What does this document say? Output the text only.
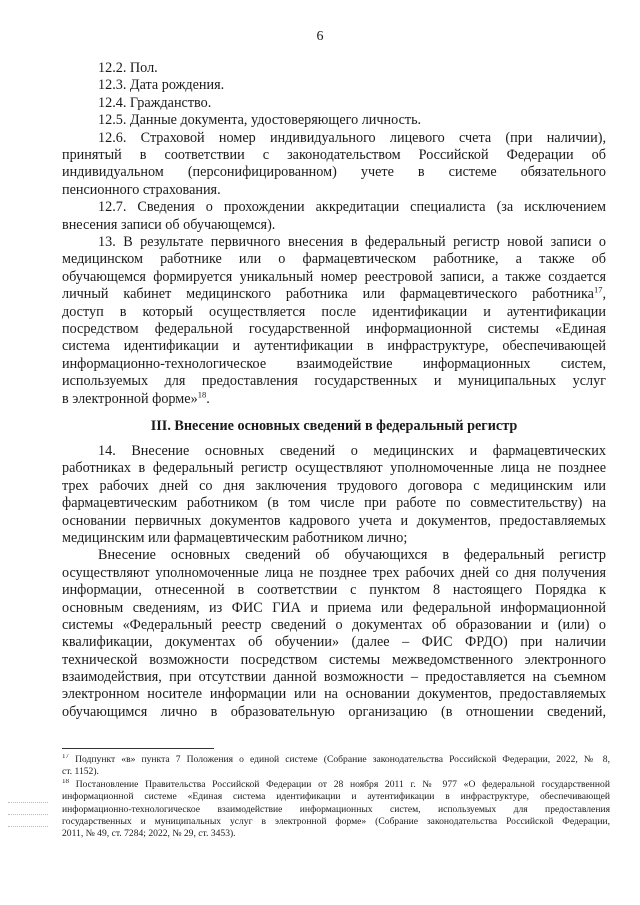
6
12.2. Пол.
12.3. Дата рождения.
12.4. Гражданство.
12.5. Данные документа, удостоверяющего личность.
12.6. Страховой номер индивидуального лицевого счета (при наличии),
принятый в соответствии с законодательством Российской Федерации об
индивидуальном (персонифицированном) учете в системе обязательного
пенсионного страхования.
12.7. Сведения о прохождении аккредитации специалиста (за исключением
внесения записи об обучающемся).
13. В результате первичного внесения в федеральный регистр новой записи о
медицинском работнике или о фармацевтическом работнике, а также об
обучающемся формируется уникальный номер реестровой записи, а также создается
личный кабинет медицинского работника или фармацевтического работника$^{17}$,
доступ в который осуществляется после идентификации и аутентификации
посредством федеральной государственной информационной системы «Единая
система идентификации и аутентификации в инфраструктуре, обеспечивающей
информационно-технологическое взаимодействие информационных систем,
используемых для предоставления государственных и муниципальных услуг
в электронной форме»$^{18}$.
III. Внесение основных сведений в федеральный регистр
14. Внесение основных сведений о медицинских и фармацевтических
работниках в федеральный регистр осуществляют уполномоченные лица не позднее
трех рабочих дней со дня заключения трудового договора с медицинским или
фармацевтическим работником (в том числе при работе по совместительству) на
основании первичных документов кадрового учета и документов, предоставляемых
медицинским или фармацевтическим работником лично;
Внесение основных сведений об обучающихся в федеральный регистр
осуществляют уполномоченные лица не позднее трех рабочих дней со дня получения
информации, отнесенной в соответствии с пунктом 8 настоящего Порядка к
основным сведениям, из ФИС ГИА и приема или федеральной информационной
системы «Федеральный реестр сведений о документах об образовании и (или) о
квалификации, документах об обучении» (далее – ФИС ФРДО) при наличии
технической возможности посредством системы межведомственного электронного
взаимодействия, при отсутствии данной возможности – предоставляется на съемном
электронном носителе информации или на основании документов, предоставляемых
обучающимся лично в образовательную организацию (в отношении сведений,
$^{17}$ Подпункт «в» пункта 7 Положения о единой системе (Собрание законодательства Российской Федерации, 2022, № 8,
ст. 1152).
$^{18}$ Постановление Правительства Российской Федерации от 28 ноября 2011 г. № 977 «О федеральной государственной
информационной системе «Единая система идентификации и аутентификации в инфраструктуре, обеспечивающей
информационно-технологическое взаимодействие информационных систем, используемых для предоставления
государственных и муниципальных услуг в электронной форме» (Собрание законодательства Российской Федерации,
2011, № 49, ст. 7284; 2022, № 29, ст. 3453).
